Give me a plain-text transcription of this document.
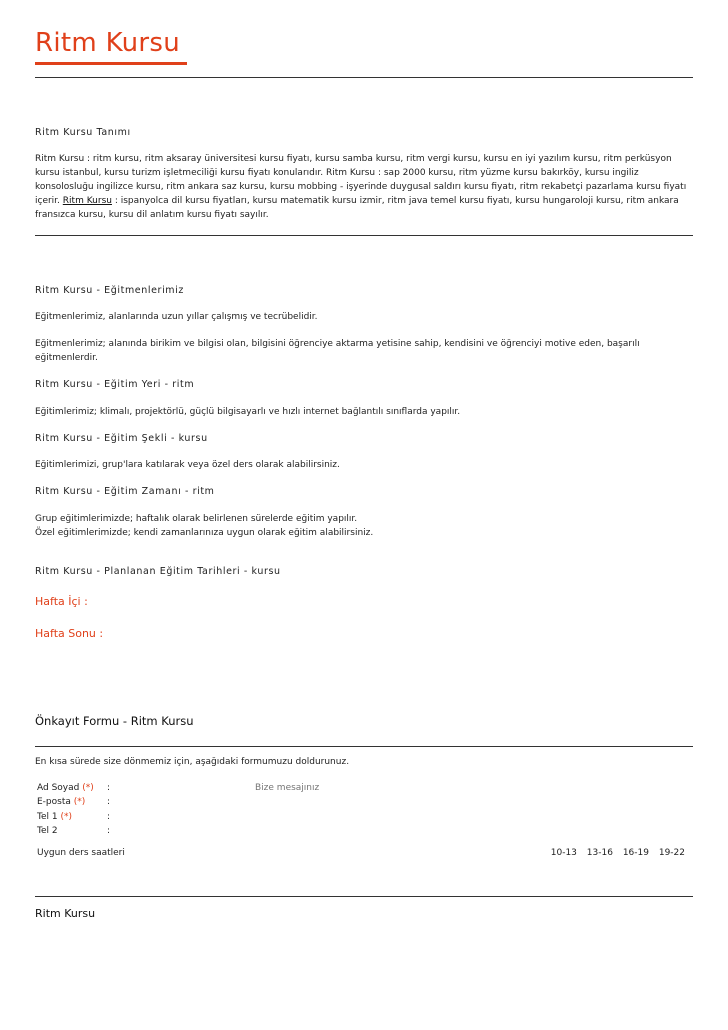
Ritm Kursu
Ritm Kursu Tanımı
Ritm Kursu : ritm kursu, ritm aksaray üniversitesi kursu fiyatı, kursu samba kursu, ritm vergi kursu, kursu en iyi yazılım kursu, ritm perküsyon kursu istanbul, kursu turizm işletmeciliği kursu fiyatı konularıdır. Ritm Kursu : sap 2000 kursu, ritm yüzme kursu bakırköy, kursu ingiliz konsolosluğu ingilizce kursu, ritm ankara saz kursu, kursu mobbing - işyerinde duygusal saldırı kursu fiyatı, ritm rekabetçi pazarlama kursu fiyatı içerir. Ritm Kursu : ispanyolca dil kursu fiyatları, kursu matematik kursu izmir, ritm java temel kursu fiyatı, kursu hungaroloji kursu, ritm ankara fransızca kursu, kursu dil anlatım kursu fiyatı sayılır.
Ritm Kursu - Eğitmenlerimiz
Eğitmenlerimiz, alanlarında uzun yıllar çalışmış ve tecrübelidir.
Eğitmenlerimiz; alanında birikim ve bilgisi olan, bilgisini öğrenciye aktarma yetisine sahip, kendisini ve öğrenciyi motive eden, başarılı eğitmenlerdir.
Ritm Kursu - Eğitim Yeri - ritm
Eğitimlerimiz; klimalı, projektörlü, güçlü bilgisayarlı ve hızlı internet bağlantılı sınıflarda yapılır.
Ritm Kursu - Eğitim Şekli - kursu
Eğitimlerimizi, grup'lara katılarak veya özel ders olarak alabilirsiniz.
Ritm Kursu - Eğitim Zamanı - ritm
Grup eğitimlerimizde; haftalık olarak belirlenen sürelerde eğitim yapılır.
Özel eğitimlerimizde; kendi zamanlarınıza uygun olarak eğitim alabilirsiniz.
Ritm Kursu - Planlanan Eğitim Tarihleri - kursu
Hafta İçi :
Hafta Sonu :
Önkayıt Formu - Ritm Kursu
En kısa sürede size dönmemiz için, aşağıdaki formumuzu doldurunuz.
Ad Soyad (*) :
E-posta (*) :
Tel 1 (*)	:
Tel 2	:
Bize mesajınız
Uygun ders saatleri	10-13 13-16 16-19 19-22
Ritm Kursu
